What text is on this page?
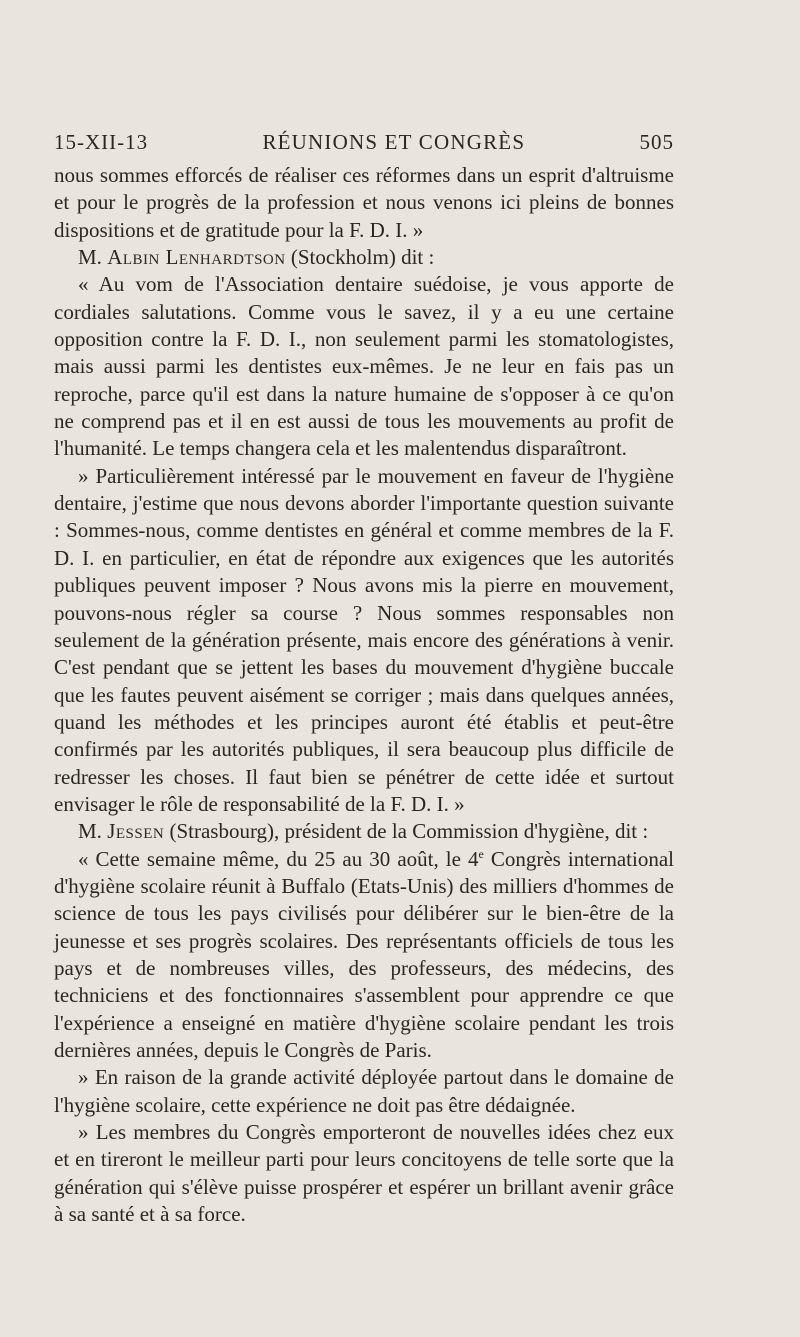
15-XII-13	RÉUNIONS ET CONGRÈS	505

nous sommes efforcés de réaliser ces réformes dans un esprit d'altruisme et pour le progrès de la profession et nous venons ici pleins de bonnes dispositions et de gratitude pour la F. D. I. »

M. Albin Lenhardtson (Stockholm) dit :

« Au vom de l'Association dentaire suédoise, je vous apporte de cordiales salutations. Comme vous le savez, il y a eu une certaine opposition contre la F. D. I., non seulement parmi les stomatologistes, mais aussi parmi les dentistes eux-mêmes. Je ne leur en fais pas un reproche, parce qu'il est dans la nature humaine de s'opposer à ce qu'on ne comprend pas et il en est aussi de tous les mouvements au profit de l'humanité. Le temps changera cela et les malentendus disparaîtront.

» Particulièrement intéressé par le mouvement en faveur de l'hygiène dentaire, j'estime que nous devons aborder l'importante question suivante : Sommes-nous, comme dentistes en général et comme membres de la F. D. I. en particulier, en état de répondre aux exigences que les autorités publiques peuvent imposer ? Nous avons mis la pierre en mouvement, pouvons-nous régler sa course ? Nous sommes responsables non seulement de la génération présente, mais encore des générations à venir. C'est pendant que se jettent les bases du mouvement d'hygiène buccale que les fautes peuvent aisément se corriger ; mais dans quelques années, quand les méthodes et les principes auront été établis et peut-être confirmés par les autorités publiques, il sera beaucoup plus difficile de redresser les choses. Il faut bien se pénétrer de cette idée et surtout envisager le rôle de responsabilité de la F. D. I. »

M. Jessen (Strasbourg), président de la Commission d'hygiène, dit :

« Cette semaine même, du 25 au 30 août, le 4e Congrès international d'hygiène scolaire réunit à Buffalo (Etats-Unis) des milliers d'hommes de science de tous les pays civilisés pour délibérer sur le bien-être de la jeunesse et ses progrès scolaires. Des représentants officiels de tous les pays et de nombreuses villes, des professeurs, des médecins, des techniciens et des fonctionnaires s'assemblent pour apprendre ce que l'expérience a enseigné en matière d'hygiène scolaire pendant les trois dernières années, depuis le Congrès de Paris.

» En raison de la grande activité déployée partout dans le domaine de l'hygiène scolaire, cette expérience ne doit pas être dédaignée.

» Les membres du Congrès emporteront de nouvelles idées chez eux et en tireront le meilleur parti pour leurs concitoyens de telle sorte que la génération qui s'élève puisse prospérer et espérer un brillant avenir grâce à sa santé et à sa force.
